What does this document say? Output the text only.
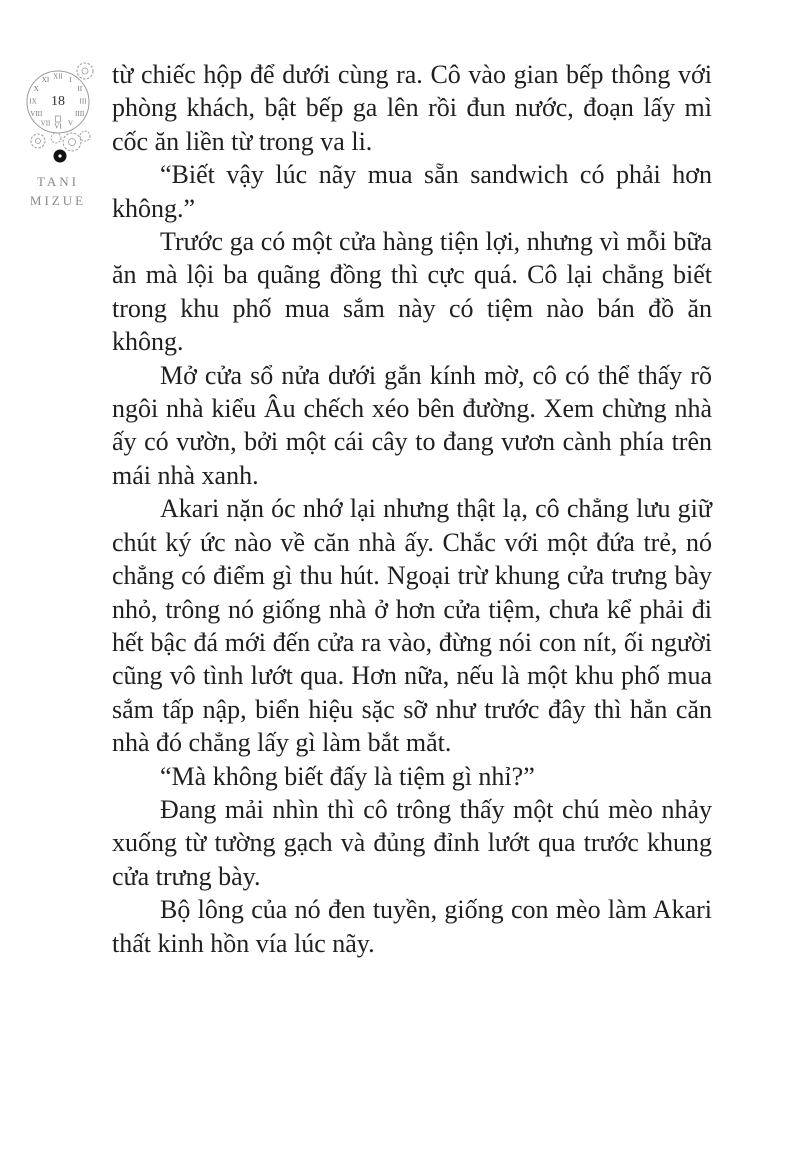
XII I
II
III
IIII
V
VI
VII
VIII
IX
X
XI
18
TANI
MIZUE

từ chiếc hộp để dưới cùng ra. Cô vào gian bếp thông với phòng khách, bật bếp ga lên rồi đun nước, đoạn lấy mì cốc ăn liền từ trong va li.

“Biết vậy lúc nãy mua sẵn sandwich có phải hơn không.”

Trước ga có một cửa hàng tiện lợi, nhưng vì mỗi bữa ăn mà lội ba quãng đồng thì cực quá. Cô lại chẳng biết trong khu phố mua sắm này có tiệm nào bán đồ ăn không.

Mở cửa sổ nửa dưới gắn kính mờ, cô có thể thấy rõ ngôi nhà kiểu Âu chếch xéo bên đường. Xem chừng nhà ấy có vườn, bởi một cái cây to đang vươn cành phía trên mái nhà xanh.

Akari nặn óc nhớ lại nhưng thật lạ, cô chẳng lưu giữ chút ký ức nào về căn nhà ấy. Chắc với một đứa trẻ, nó chẳng có điểm gì thu hút. Ngoại trừ khung cửa trưng bày nhỏ, trông nó giống nhà ở hơn cửa tiệm, chưa kể phải đi hết bậc đá mới đến cửa ra vào, đừng nói con nít, ối người cũng vô tình lướt qua. Hơn nữa, nếu là một khu phố mua sắm tấp nập, biển hiệu sặc sỡ như trước đây thì hẳn căn nhà đó chẳng lấy gì làm bắt mắt.

“Mà không biết đấy là tiệm gì nhỉ?”

Đang mải nhìn thì cô trông thấy một chú mèo nhảy xuống từ tường gạch và đủng đỉnh lướt qua trước khung cửa trưng bày.

Bộ lông của nó đen tuyền, giống con mèo làm Akari thất kinh hồn vía lúc nãy.
